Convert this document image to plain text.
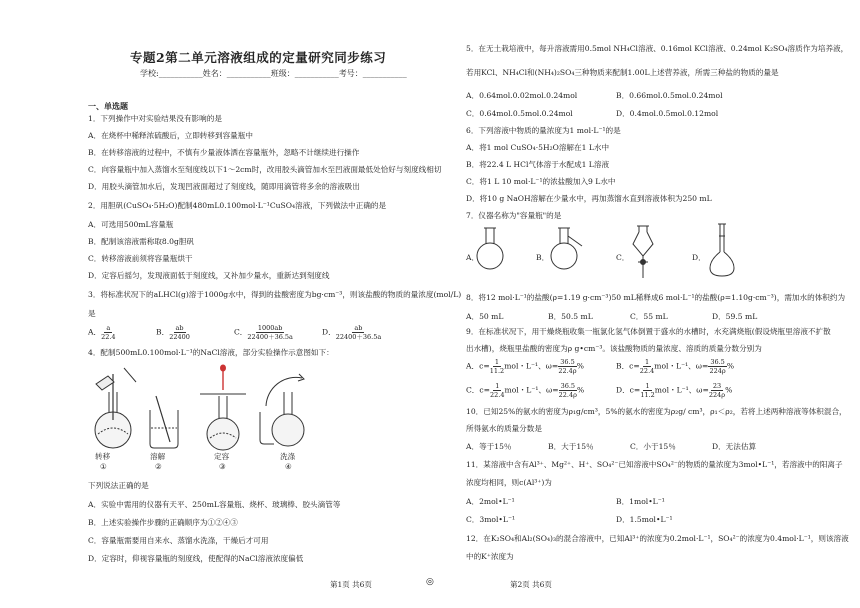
专题2第二单元溶液组成的定量研究同步练习
学校:___________姓名：___________班级：___________考号：___________
一、单选题
1．下列操作中对实验结果没有影响的是
A．在烧杯中稀释浓硫酸后，立即转移到容量瓶中
B．在转移溶液的过程中，不慎有少量液体洒在容量瓶外，忽略不计继续进行操作
C．向容量瓶中加入蒸馏水至刻度线以下1～2cm时，改用胶头滴管加水至凹液面最低处恰好与刻度线相切
D．用胶头滴管加水后，发现凹液面超过了刻度线，随即用滴管将多余的溶液吸出
2．用胆矾(CuSO₄·5H₂O)配制480mL0.100mol·L⁻¹CuSO₄溶液，下列做法中正确的是
A．可选用500mL容量瓶
B．配制该溶液需称取8.0g胆矾
C．转移溶液前须将容量瓶烘干
D．定容后摇匀，发现液面低于刻度线，又补加少量水，重新达到刻度线
3．将标准状况下的aLHCl(g)溶于1000g水中，得到的盐酸密度为bg·cm⁻³，则该盐酸的物质的量浓度(mol/L)
是
A． $\frac{a}{22.4}$	B． $\frac{ab}{22400}$	C． $\frac{1000ab}{22400+36.5a}$	D． $\frac{ab}{22400+36.5a}$
4．配制500mL0.100mol·L⁻¹的NaCl溶液，部分实验操作示意图如下：
转移	溶解	定容	洗涤
①	②	③	④
下列说法正确的是
A．实验中需用的仪器有天平、250mL容量瓶、烧杯、玻璃棒、胶头滴管等
B．上述实验操作步骤的正确顺序为①②④③
C．容量瓶需要用自来水、蒸馏水洗涤，干燥后才可用
D．定容时，仰视容量瓶的刻度线，使配得的NaCl溶液浓度偏低
第1页 共6页	◎
5．在无土栽培液中，每升溶液需用0.5mol NH₄Cl溶液、0.16mol KCl溶液、0.24mol K₂SO₄溶质作为培养液，
若用KCl、NH₄Cl和(NH₄)₂SO₄三种物质来配制1.00L上述营养液，所需三种盐的物质的量是
A．0.64mol.0.02mol.0.24mol	B．0.66mol.0.5mol.0.24mol
C．0.64mol.0.5mol.0.24mol	D．0.4mol.0.5mol.0.12mol
6．下列溶液中物质的量浓度为1 mol·L⁻¹的是
A．将1 mol CuSO₄·5H₂O溶解在1 L水中
B．将22.4 L HCl气体溶于水配成1 L溶液
C．将1 L 10 mol·L⁻¹的浓盐酸加入9 L水中
D．将10 g NaOH溶解在少量水中，再加蒸馏水直到溶液体积为250 mL
7．仪器名称为"容量瓶"的是
A．	B．	C．	D．
8．将12 mol·L⁻¹的盐酸(ρ=1.19 g·cm⁻³)50 mL稀释成6 mol·L⁻¹的盐酸(ρ=1.10g·cm⁻³)，需加水的体积约为
A．50 mL	B．50.5 mL	C．55 mL	D．59.5 mL
9．在标准状况下，用干燥烧瓶收集一瓶氯化氢气体倒置于盛水的水槽时，水充满烧瓶(假设烧瓶里溶液不扩散
出水槽)，烧瓶里盐酸的密度为ρ g•cm⁻³。该盐酸物质的量浓度、溶质的质量分数分别为
A．$c= \frac{1}{11.2}$ mol・L⁻¹、$\omega= \frac{36.5}{22.4\rho}$ %	B．$c= \frac{1}{22.4}$ mol・L⁻¹、$\omega= \frac{36.5}{224\rho}$ %
C．$c= \frac{1}{22.4}$ mol・L⁻¹、$\omega= \frac{36.5}{22.4\rho}$ %	D．$c= \frac{1}{11.2}$ mol・L⁻¹、$\omega= \frac{23}{224\rho}$ %
10．已知25%的氨水的密度为ρ₁g/cm³，5%的氨水的密度为ρ₂g/ cm³，ρ₁＜ρ₂，若将上述两种溶液等体积混合，
所得氨水的质量分数是
A．等于15％	B．大于15％	C．小于15％	D．无法估算
11．某溶液中含有Al³⁺、Mg²⁺、H⁺、SO₄²⁻已知溶液中SO₄²⁻的物质的量浓度为3mol•L⁻¹，若溶液中的阳离子
浓度均相同，则c(Al³⁺)为
A．2mol•L⁻¹	B．1mol•L⁻¹
C．3mol•L⁻¹	D．1.5mol•L⁻¹
12．在K₂SO₄和Al₂(SO₄)₃的混合溶液中，已知Al³⁺的浓度为0.2mol·L⁻¹，SO₄²⁻的浓度为0.4mol·L⁻¹，则该溶液
中的K⁺浓度为
第2页 共6页
